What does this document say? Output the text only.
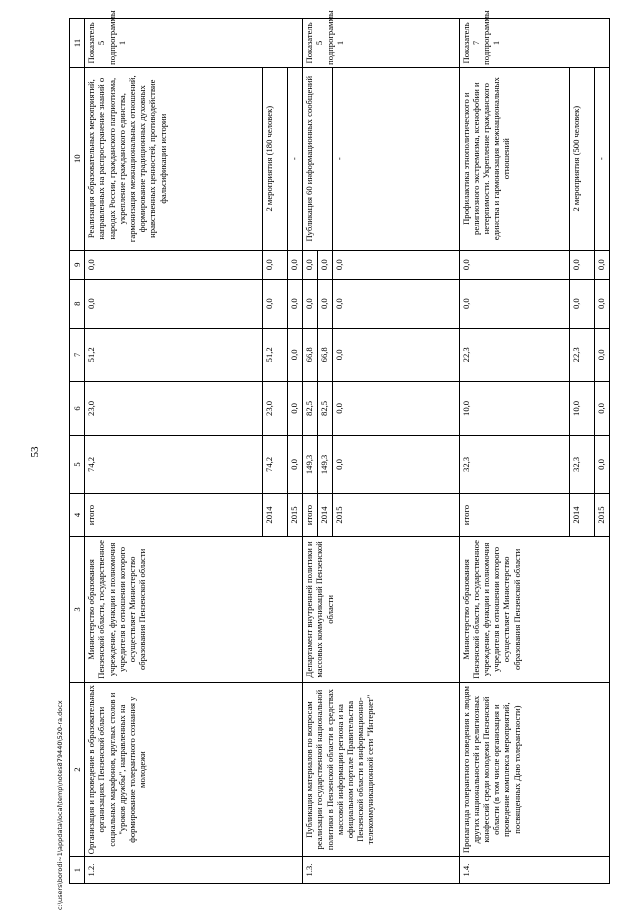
53
1	2	3	4	5	6	7	8	9	10	11
1.2.	Организация и проведение в образовательных организациях Пензенской области социальных марафонов, круглых столов и "уроков дружбы", направленных на формирование толерантного сознания у молодежи	Министерство образования Пензенской области, государственное учреждение, функции и полномочия учредителя в отношении которого осуществляет Министерство образования Пензенской области	итого	74,2	23,0	51,2	0,0	0,0	Реализация образовательных мероприятий, направленных на распространение знаний о народах России, гражданского патриотизма, укрепление гражданского единства, гармонизация межнациональных отношений, формирование традиционных духовных нравственных ценностей, противодействие фальсификации истории	Показатель 5 подпрограммы 1
			2014	74,2	23,0	51,2	0,0	0,0	2 мероприятия (180 человек)	
			2015	0,0	0,0	0,0	0,0	0,0	-	
1.3.	Публикация материалов по вопросам реализации государственной национальной политики в Пензенской области в средствах массовой информации региона и на официальном портале Правительства Пензенской области в информационно-телекоммуникационной сети "Интернет"	Департамент внутренней политики и массовых коммуникаций Пензенской области	итого	149,3	82,5	66,8	0,0	0,0	Публикация 60 информационных сообщений	Показатель 5 подпрограммы 1
			2014	149,3	82,5	66,8	0,0	0,0		
			2015	0,0	0,0	0,0	0,0	0,0	-	
1.4.	Пропаганда толерантного поведения к людям других национальностей и религиозных конфессий среди молодежи Пензенской области (в том числе организация и проведение комплекса мероприятий, посвященных Дню толерантности)	Министерство образования Пензенской области, государственное учреждение, функции и полномочия учредителя в отношении которого осуществляет Министерство образования Пензенской области	итого	32,3	10,0	22,3	0,0	0,0	Профилактика этнополитического и религиозного экстремизма, ксенофобии и нетерпимости. Укрепление гражданского единства и гармонизация межнациональных отношений	Показатель 7 подпрограммы 1
			2014	32,3	10,0	22,3	0,0	0,0	2 мероприятия (500 человек)	
			2015	0,0	0,0	0,0	0,0	0,0	-	
c:\users\borodi~1\appdata\local\temp\notes879440\520-ra.docx
